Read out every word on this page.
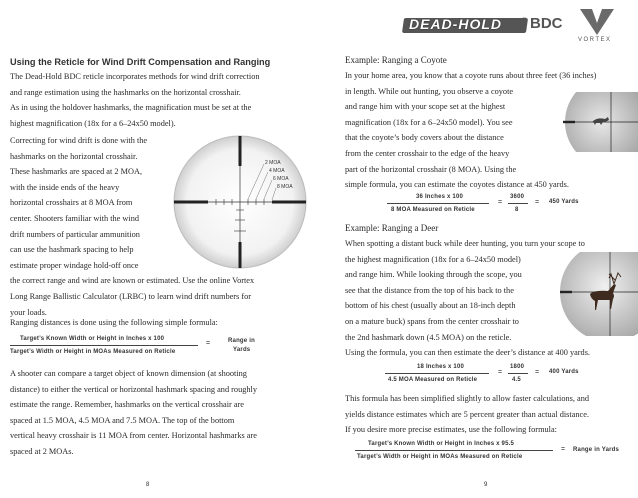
DEAD-HOLD	® BDC
VORTEX
Using the Reticle for Wind Drift Compensation and Ranging
The Dead-Hold BDC reticle incorporates methods for wind drift correction
and range estimation using the hashmarks on the horizontal crosshair.
As in using the holdover hashmarks, the magnification must be set at the
highest magnification (18x for a 6–24x50 model).
Correcting for wind drift is done with the
hashmarks on the horizontal crosshair.
These hashmarks are spaced at 2 MOA,
with the inside ends of the heavy
horizontal crosshairs at 8 MOA from
center. Shooters familiar with the wind
drift numbers of particular ammunition
can use the hashmark spacing to help
estimate proper windage hold-off once
the correct range and wind are known or estimated. Use the online Vortex
Long Range Ballistic Calculator (LRBC) to learn wind drift numbers for
your loads.
2 MOA
4 MOA
6 MOA
8 MOA
Ranging distances is done using the following simple formula:
Target’s Known Width or Height in Inches x 100
Target’s Width or Height in MOAs Measured on Reticle
=	Range in
Yards
A shooter can compare a target object of known dimension (at shooting
distance) to either the vertical or horizontal hashmark spacing and roughly
estimate the range. Remember, hashmarks on the vertical crosshair are
spaced at 1.5 MOA, 4.5 MOA and 7.5 MOA. The top of the bottom
vertical heavy crosshair is 11 MOA from center. Horizontal hashmarks are
spaced at 2 MOAs.
8
Example: Ranging a Coyote
In your home area, you know that a coyote runs about three feet (36 inches)
in length. While out hunting, you observe a coyote
and range him with your scope set at the highest
magnification (18x for a 6–24x50 model). You see
that the coyote’s body covers about the distance
from the center crosshair to the edge of the heavy
part of the horizontal crosshair (8 MOA). Using the
simple formula, you can estimate the coyotes distance at 450 yards.
36 Inches x 100
8 MOA Measured on Reticle
=
3600
8
= 450 Yards
Example: Ranging a Deer
When spotting a distant buck while deer hunting, you turn your scope to
the highest magnification (18x for a 6–24x50 model)
and range him. While looking through the scope, you
see that the distance from the top of his back to the
bottom of his chest (usually about an 18-inch depth
on a mature buck) spans from the center crosshair to
the 2nd hashmark down (4.5 MOA) on the reticle.
Using the formula, you can then estimate the deer’s distance at 400 yards.
18 Inches x 100
4.5 MOA Measured on Reticle
=
1800
4.5
= 400 Yards
This formula has been simplified slightly to allow faster calculations, and
yields distance estimates which are 5 percent greater than actual distance.
If you desire more precise estimates, use the following formula:
Target’s Known Width or Height in Inches x 95.5
Target’s Width or Height in MOAs Measured on Reticle
= Range in Yards
9
